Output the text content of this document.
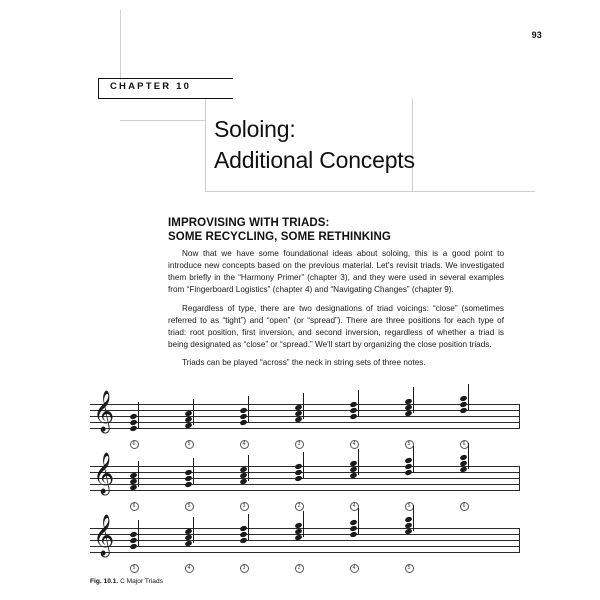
93
CHAPTER 10
Soloing:
Additional Concepts
IMPROVISING WITH TRIADS:
SOME RECYCLING, SOME RETHINKING

Now that we have some foundational ideas about soloing, this is a good point to introduce new concepts based on the previous material. Let's revisit triads. We investigated them briefly in the “Harmony Primer” (chapter 3), and they were used in several examples from “Fingerboard Logistics” (chapter 4) and “Navigating Changes” (chapter 9).

Regardless of type, there are two designations of triad voicings: “close” (sometimes referred to as “tight”) and “open” (or “spread”). There are three positions for each type of triad: root position, first inversion, and second inversion, regardless of whether a triad is being designated as “close” or “spread.” We'll start by organizing the close position triads.

Triads can be played “across” the neck in string sets of three notes.

𝄞
6	5	4	3	4	5	6
𝄞
6	5	3	2	4	5	6
𝄞
5	4	3	2	4	5
Fig. 10.1. C Major Triads
